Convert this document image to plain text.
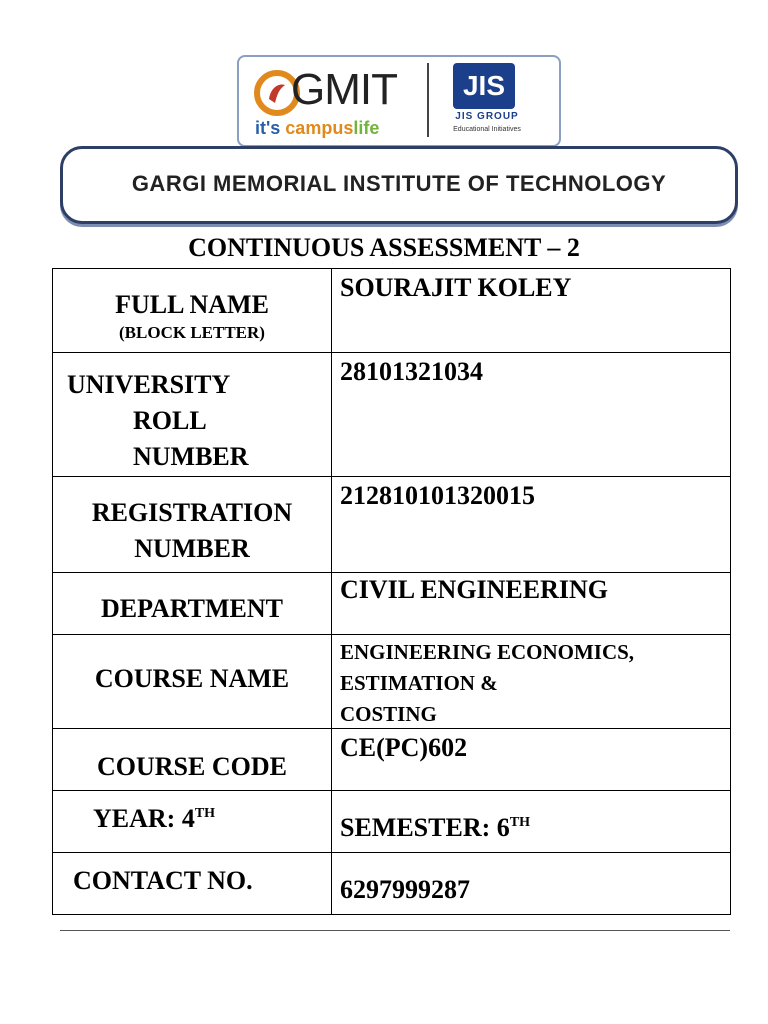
GMIT
it's campuslife
JIS
JIS GROUP
Educational Initiatives
GARGI MEMORIAL INSTITUTE OF TECHNOLOGY
CONTINUOUS ASSESSMENT – 2
FULL NAME
(BLOCK LETTER)	SOURAJIT KOLEY

UNIVERSITY
ROLL
NUMBER	28101321034

REGISTRATION
NUMBER	212810101320015

DEPARTMENT	CIVIL ENGINEERING

COURSE NAME	ENGINEERING ECONOMICS,
ESTIMATION &
COSTING

COURSE CODE	CE(PC)602

YEAR: 4TH	SEMESTER: 6TH

CONTACT NO.	6297999287
